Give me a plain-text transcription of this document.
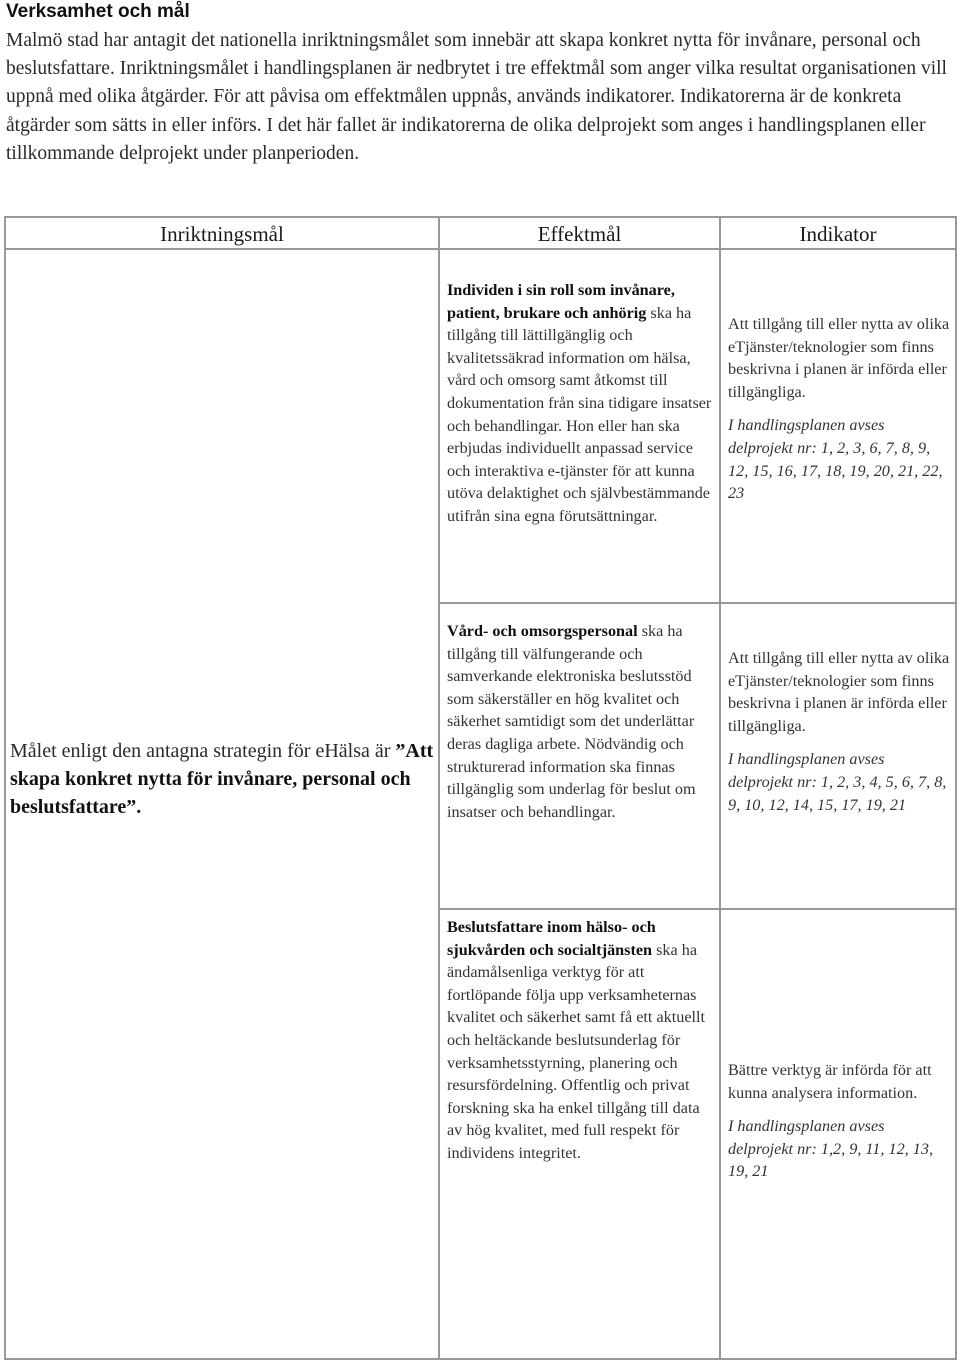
Verksamhet och mål
Malmö stad har antagit det nationella inriktningsmålet som innebär att skapa konkret nytta för invånare, personal och beslutsfattare. Inriktningsmålet i handlingsplanen är nedbrytet i tre effektmål som anger vilka resultat organisationen vill uppnå med olika åtgärder. För att påvisa om effektmålen uppnås, används indikatorer. Indikatorerna är de konkreta åtgärder som sätts in eller införs. I det här fallet är indikatorerna de olika delprojekt som anges i handlingsplanen eller tillkommande delprojekt under planperioden.
Inriktningsmål	Effektmål	Indikator
Målet enligt den antagna strategin för eHälsa är ”Att skapa konkret nytta för invånare, personal och beslutsfattare”.
Individen i sin roll som invånare, patient, brukare och anhörig ska ha tillgång till lättillgänglig och kvalitetssäkrad information om hälsa, vård och omsorg samt åtkomst till dokumentation från sina tidigare insatser och behandlingar. Hon eller han ska erbjudas individuellt anpassad service och interaktiva e-tjänster för att kunna utöva delaktighet och självbestämmande utifrån sina egna förutsättningar.
Att tillgång till eller nytta av olika eTjänster/teknologier som finns beskrivna i planen är införda eller tillgängliga.
I handlingsplanen avses delprojekt nr: 1, 2, 3, 6, 7, 8, 9, 12, 15, 16, 17, 18, 19, 20, 21, 22, 23
Vård- och omsorgspersonal ska ha tillgång till välfungerande och samverkande elektroniska beslutsstöd som säkerställer en hög kvalitet och säkerhet samtidigt som det underlättar deras dagliga arbete. Nödvändig och strukturerad information ska finnas tillgänglig som underlag för beslut om insatser och behandlingar.
Att tillgång till eller nytta av olika eTjänster/teknologier som finns beskrivna i planen är införda eller tillgängliga.
I handlingsplanen avses delprojekt nr: 1, 2, 3, 4, 5, 6, 7, 8, 9, 10, 12, 14, 15, 17, 19, 21
Beslutsfattare inom hälso- och sjukvården och socialtjänsten ska ha ändamålsenliga verktyg för att fortlöpande följa upp verksamheternas kvalitet och säkerhet samt få ett aktuellt och heltäckande beslutsunderlag för verksamhetsstyrning, planering och resursfördelning. Offentlig och privat forskning ska ha enkel tillgång till data av hög kvalitet, med full respekt för individens integritet.
Bättre verktyg är införda för att kunna analysera information.
I handlingsplanen avses delprojekt nr: 1,2, 9, 11, 12, 13, 19, 21
